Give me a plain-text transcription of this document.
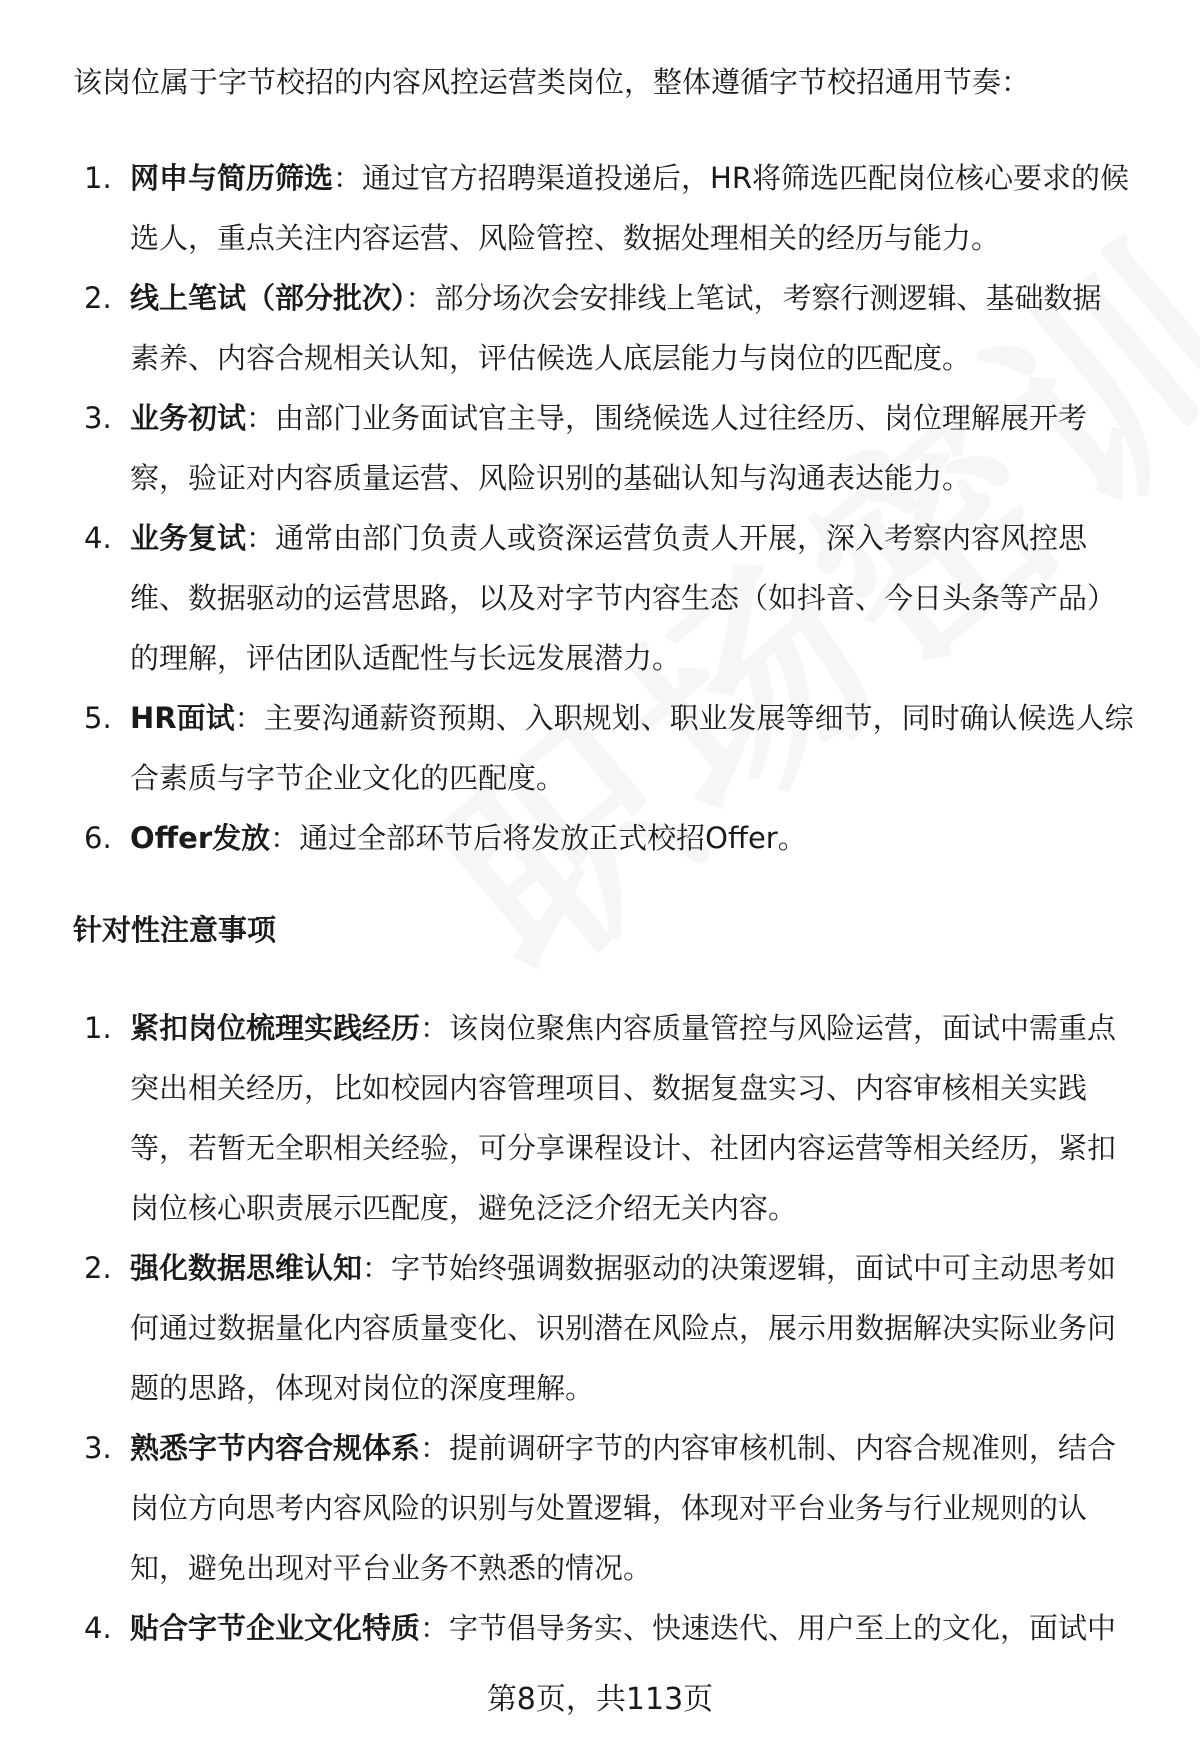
该岗位属于字节校招的内容风控运营类岗位，整体遵循字节校招通用节奏：

1. 网申与简历筛选：通过官方招聘渠道投递后，HR将筛选匹配岗位核心要求的候
选人，重点关注内容运营、风险管控、数据处理相关的经历与能力。
2. 线上笔试（部分批次）：部分场次会安排线上笔试，考察行测逻辑、基础数据
素养、内容合规相关认知，评估候选人底层能力与岗位的匹配度。
3. 业务初试：由部门业务面试官主导，围绕候选人过往经历、岗位理解展开考
察，验证对内容质量运营、风险识别的基础认知与沟通表达能力。
4. 业务复试：通常由部门负责人或资深运营负责人开展，深入考察内容风控思
维、数据驱动的运营思路，以及对字节内容生态（如抖音、今日头条等产品）
的理解，评估团队适配性与长远发展潜力。
5. HR面试：主要沟通薪资预期、入职规划、职业发展等细节，同时确认候选人综
合素质与字节企业文化的匹配度。
6. Offer发放：通过全部环节后将发放正式校招Offer。
针对性注意事项
1. 紧扣岗位梳理实践经历：该岗位聚焦内容质量管控与风险运营，面试中需重点
突出相关经历，比如校园内容管理项目、数据复盘实习、内容审核相关实践
等，若暂无全职相关经验，可分享课程设计、社团内容运营等相关经历，紧扣
岗位核心职责展示匹配度，避免泛泛介绍无关内容。
2. 强化数据思维认知：字节始终强调数据驱动的决策逻辑，面试中可主动思考如
何通过数据量化内容质量变化、识别潜在风险点，展示用数据解决实际业务问
题的思路，体现对岗位的深度理解。
3. 熟悉字节内容合规体系：提前调研字节的内容审核机制、内容合规准则，结合
岗位方向思考内容风险的识别与处置逻辑，体现对平台业务与行业规则的认
知，避免出现对平台业务不熟悉的情况。
4. 贴合字节企业文化特质：字节倡导务实、快速迭代、用户至上的文化，面试中
第8页，共113页
